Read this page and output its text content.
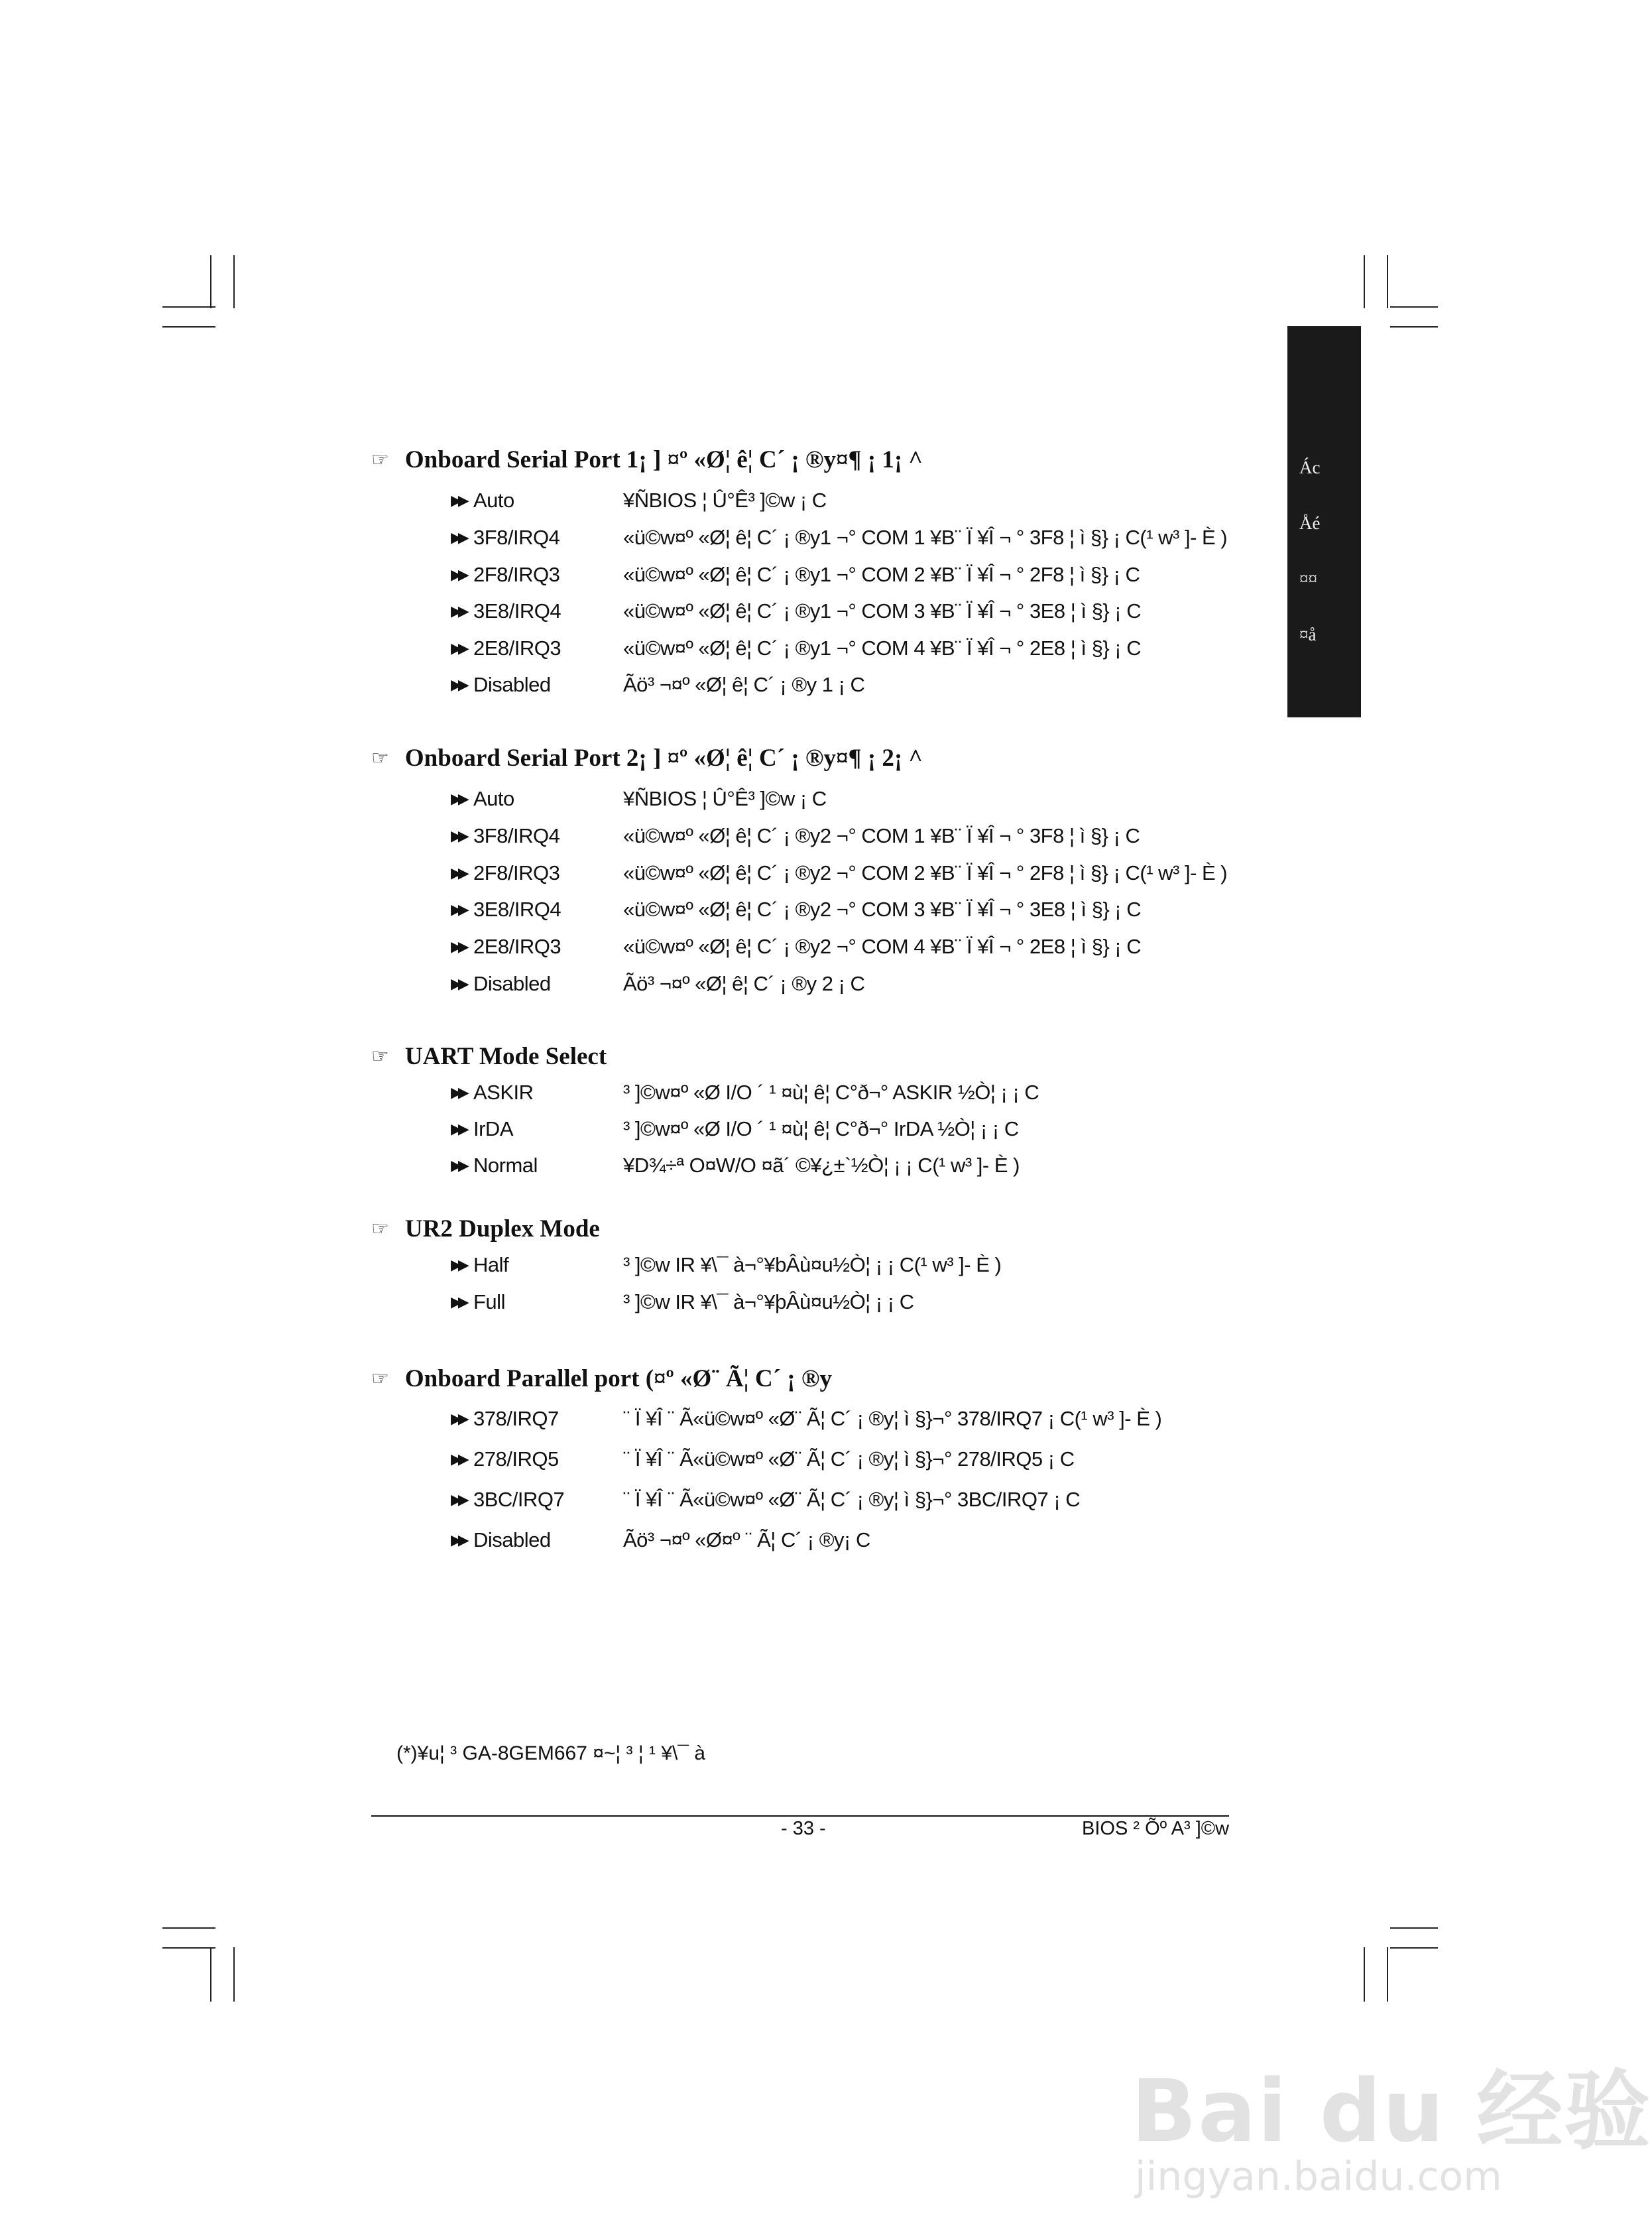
Ác
Åé
¤¤
¤å
☞ Onboard Serial Port 1¡ ] ¤º «Ø¦ ê¦ C´ ¡ ®y¤¶ ¡ 1¡ ^
▶▶ Auto	¥ÑBIOS ¦ Û°Ê³ ]©w ¡ C
▶▶ 3F8/IRQ4	«ü©w¤º «Ø¦ ê¦ C´ ¡ ®y1 ¬° COM 1 ¥B¨ Ï ¥Î ¬ ° 3F8 ¦ ì §} ¡ C(¹ w³ ]- È )
▶▶ 2F8/IRQ3	«ü©w¤º «Ø¦ ê¦ C´ ¡ ®y1 ¬° COM 2 ¥B¨ Ï ¥Î ¬ ° 2F8 ¦ ì §} ¡ C
▶▶ 3E8/IRQ4	«ü©w¤º «Ø¦ ê¦ C´ ¡ ®y1 ¬° COM 3 ¥B¨ Ï ¥Î ¬ ° 3E8 ¦ ì §} ¡ C
▶▶ 2E8/IRQ3	«ü©w¤º «Ø¦ ê¦ C´ ¡ ®y1 ¬° COM 4 ¥B¨ Ï ¥Î ¬ ° 2E8 ¦ ì §} ¡ C
▶▶ Disabled	Ãö³ ¬¤º «Ø¦ ê¦ C´ ¡ ®y 1 ¡ C
☞ Onboard Serial Port 2¡ ] ¤º «Ø¦ ê¦ C´ ¡ ®y¤¶ ¡ 2¡ ^
▶▶ Auto	¥ÑBIOS ¦ Û°Ê³ ]©w ¡ C
▶▶ 3F8/IRQ4	«ü©w¤º «Ø¦ ê¦ C´ ¡ ®y2 ¬° COM 1 ¥B¨ Ï ¥Î ¬ ° 3F8 ¦ ì §} ¡ C
▶▶ 2F8/IRQ3	«ü©w¤º «Ø¦ ê¦ C´ ¡ ®y2 ¬° COM 2 ¥B¨ Ï ¥Î ¬ ° 2F8 ¦ ì §} ¡ C(¹ w³ ]- È )
▶▶ 3E8/IRQ4	«ü©w¤º «Ø¦ ê¦ C´ ¡ ®y2 ¬° COM 3 ¥B¨ Ï ¥Î ¬ ° 3E8 ¦ ì §} ¡ C
▶▶ 2E8/IRQ3	«ü©w¤º «Ø¦ ê¦ C´ ¡ ®y2 ¬° COM 4 ¥B¨ Ï ¥Î ¬ ° 2E8 ¦ ì §} ¡ C
▶▶ Disabled	Ãö³ ¬¤º «Ø¦ ê¦ C´ ¡ ®y 2 ¡ C
☞ UART Mode Select
▶▶ ASKIR	³ ]©w¤º «Ø I/O ´ ¹ ¤ù¦ ê¦ C°ð¬° ASKIR ½Ò¦ ¡ ¡ C
▶▶ IrDA	³ ]©w¤º «Ø I/O ´ ¹ ¤ù¦ ê¦ C°ð¬° IrDA ½Ò¦ ¡ ¡ C
▶▶ Normal	¥D¾÷ª O¤W/O ¤ã´ ©¥¿±`½Ò¦ ¡ ¡ C(¹ w³ ]- È )
☞ UR2 Duplex Mode
▶▶ Half	³ ]©w IR ¥\¯ à¬°¥bÂù¤u½Ò¦ ¡ ¡ C(¹ w³ ]- È )
▶▶ Full	³ ]©w IR ¥\¯ à¬°¥þÂù¤u½Ò¦ ¡ ¡ C
☞ Onboard Parallel port (¤º «Ø¨ Ã¦ C´ ¡ ®y
▶▶ 378/IRQ7	¨ Ï ¥Î ¨ Ã«ü©w¤º «Ø¨ Ã¦ C´ ¡ ®y¦ ì §}¬° 378/IRQ7 ¡ C(¹ w³ ]- È )
▶▶ 278/IRQ5	¨ Ï ¥Î ¨ Ã«ü©w¤º «Ø¨ Ã¦ C´ ¡ ®y¦ ì §}¬° 278/IRQ5 ¡ C
▶▶ 3BC/IRQ7	¨ Ï ¥Î ¨ Ã«ü©w¤º «Ø¨ Ã¦ C´ ¡ ®y¦ ì §}¬° 3BC/IRQ7 ¡ C
▶▶ Disabled	Ãö³ ¬¤º «Ø¤º ¨ Ã¦ C´ ¡ ®y¡ C
(*)¥u¦ ³ GA-8GEM667 ¤~¦ ³ ¦ ¹ ¥\¯ à
- 33 -	BIOS ² Õº A³ ]©w
Bai du 经验
jingyan.baidu.com
